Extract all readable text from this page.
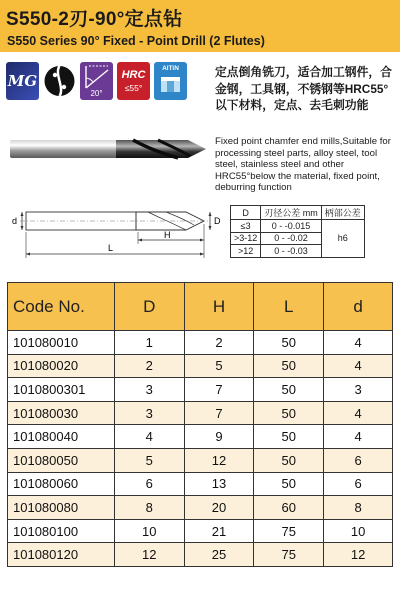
S550-2刃-90°定点钻
S550 Series 90° Fixed - Point Drill (2 Flutes)
MG
20°
HRC
≤55°
AlTiN	定点倒角铣刀，适合加工钢件，合金钢，工具钢，不锈钢等HRC55°以下材料，定点、去毛刺功能
Fixed point chamfer end mills,Suitable for processing steel parts, alloy steel, tool steel, stainless steel and other HRC55°below the material, fixed point, deburring function
d	D
H
L
D	刃径公差 mm	柄部公差
≤3	0 - -0.015	h6
>3-12	0 - -0.02	
>12	0 - -0.03	
Code No.	D	H	L	d
101080010	1	2	50	4
101080020	2	5	50	4
1010800301	3	7	50	3
101080030	3	7	50	4
101080040	4	9	50	4
101080050	5	12	50	6
101080060	6	13	50	6
101080080	8	20	60	8
101080100	10	21	75	10
101080120	12	25	75	12
